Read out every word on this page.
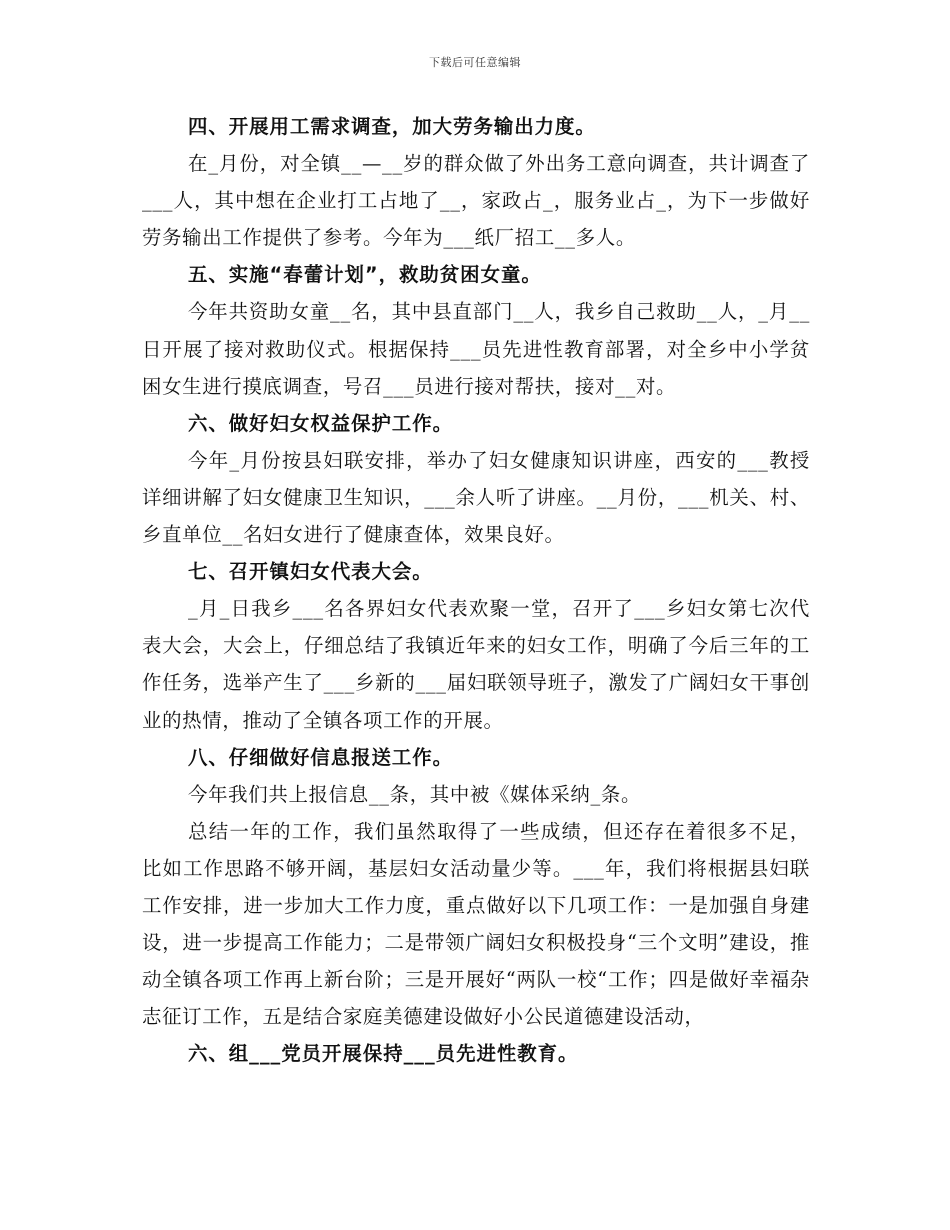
下载后可任意编辑

四、开展用工需求调查，加大劳务输出力度。

在_月份，对全镇__—__岁的群众做了外出务工意向调查，共计调查了___人，其中想在企业打工占地了__，家政占_，服务业占_，为下一步做好劳务输出工作提供了参考。今年为___纸厂招工__多人。

五、实施“春蕾计划”，救助贫困女童。

今年共资助女童__名，其中县直部门__人，我乡自己救助__人，_月__日开展了接对救助仪式。根据保持___员先进性教育部署，对全乡中小学贫困女生进行摸底调查，号召___员进行接对帮扶，接对__对。

六、做好妇女权益保护工作。

今年_月份按县妇联安排，举办了妇女健康知识讲座，西安的___教授详细讲解了妇女健康卫生知识，___余人听了讲座。__月份，___机关、村、乡直单位__名妇女进行了健康查体，效果良好。

七、召开镇妇女代表大会。

_月_日我乡___名各界妇女代表欢聚一堂，召开了___乡妇女第七次代表大会，大会上，仔细总结了我镇近年来的妇女工作，明确了今后三年的工作任务，选举产生了___乡新的___届妇联领导班子，激发了广阔妇女干事创业的热情，推动了全镇各项工作的开展。

八、仔细做好信息报送工作。

今年我们共上报信息__条，其中被《媒体采纳_条。

总结一年的工作，我们虽然取得了一些成绩，但还存在着很多不足，比如工作思路不够开阔，基层妇女活动量少等。___年，我们将根据县妇联工作安排，进一步加大工作力度，重点做好以下几项工作：一是加强自身建设，进一步提高工作能力；二是带领广阔妇女积极投身“三个文明”建设，推动全镇各项工作再上新台阶；三是开展好“两队一校“工作；四是做好幸福杂志征订工作，五是结合家庭美德建设做好小公民道德建设活动，

六、组___党员开展保持___员先进性教育。
